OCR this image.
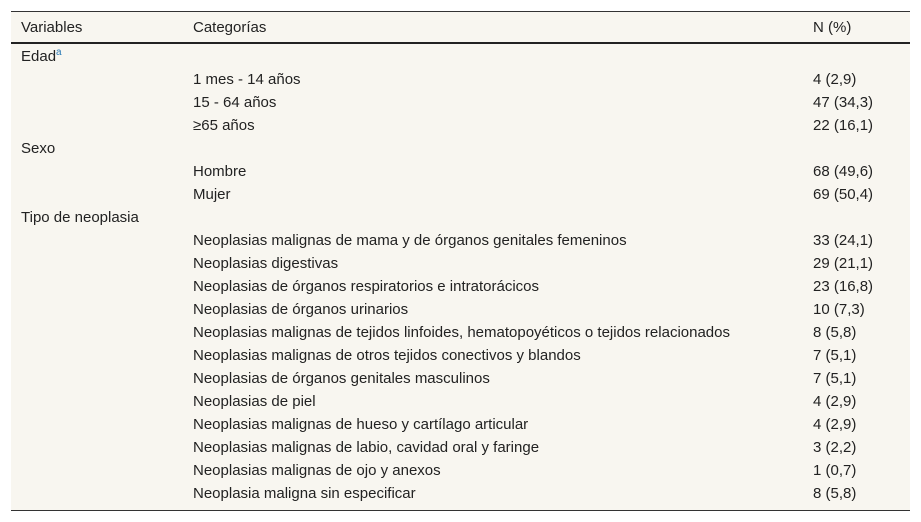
Variables	Categorías	N (%)
Edad$^a$
1 mes - 14 años	4 (2,9)
15 - 64 años	47 (34,3)
≥65 años	22 (16,1)
Sexo
Hombre	68 (49,6)
Mujer	69 (50,4)
Tipo de neoplasia
Neoplasias malignas de mama y de órganos genitales femeninos	33 (24,1)
Neoplasias digestivas	29 (21,1)
Neoplasias de órganos respiratorios e intratorácicos	23 (16,8)
Neoplasias de órganos urinarios	10 (7,3)
Neoplasias malignas de tejidos linfoides, hematopoyéticos o tejidos relacionados	8 (5,8)
Neoplasias malignas de otros tejidos conectivos y blandos	7 (5,1)
Neoplasias de órganos genitales masculinos	7 (5,1)
Neoplasias de piel	4 (2,9)
Neoplasias malignas de hueso y cartílago articular	4 (2,9)
Neoplasias malignas de labio, cavidad oral y faringe	3 (2,2)
Neoplasias malignas de ojo y anexos	1 (0,7)
Neoplasia maligna sin especificar	8 (5,8)
